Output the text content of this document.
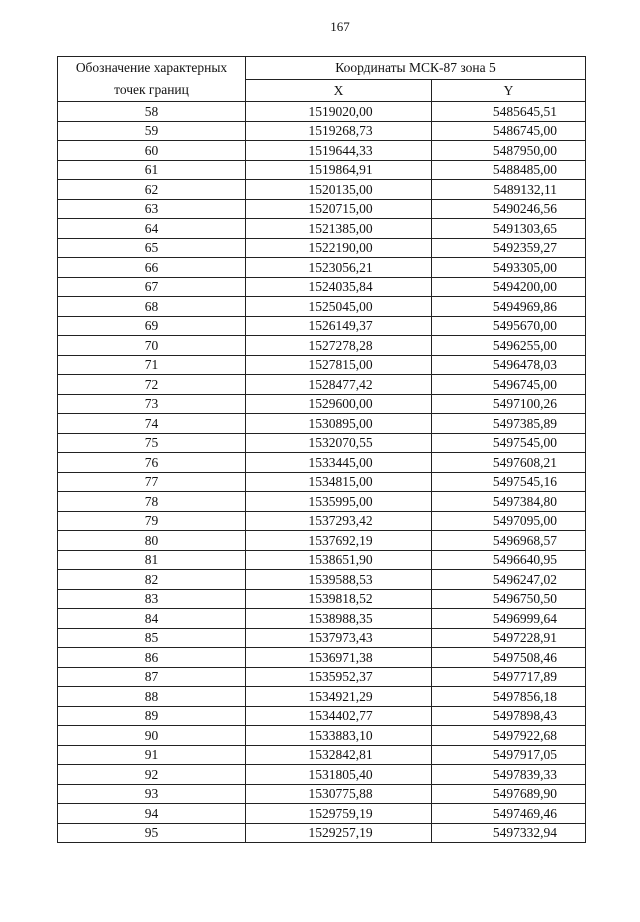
167
Обозначение характерных
точек границ	Координаты МСК-87 зона 5	
	X	Y
58	1519020,00	5485645,51
59	1519268,73	5486745,00
60	1519644,33	5487950,00
61	1519864,91	5488485,00
62	1520135,00	5489132,11
63	1520715,00	5490246,56
64	1521385,00	5491303,65
65	1522190,00	5492359,27
66	1523056,21	5493305,00
67	1524035,84	5494200,00
68	1525045,00	5494969,86
69	1526149,37	5495670,00
70	1527278,28	5496255,00
71	1527815,00	5496478,03
72	1528477,42	5496745,00
73	1529600,00	5497100,26
74	1530895,00	5497385,89
75	1532070,55	5497545,00
76	1533445,00	5497608,21
77	1534815,00	5497545,16
78	1535995,00	5497384,80
79	1537293,42	5497095,00
80	1537692,19	5496968,57
81	1538651,90	5496640,95
82	1539588,53	5496247,02
83	1539818,52	5496750,50
84	1538988,35	5496999,64
85	1537973,43	5497228,91
86	1536971,38	5497508,46
87	1535952,37	5497717,89
88	1534921,29	5497856,18
89	1534402,77	5497898,43
90	1533883,10	5497922,68
91	1532842,81	5497917,05
92	1531805,40	5497839,33
93	1530775,88	5497689,90
94	1529759,19	5497469,46
95	1529257,19	5497332,94
